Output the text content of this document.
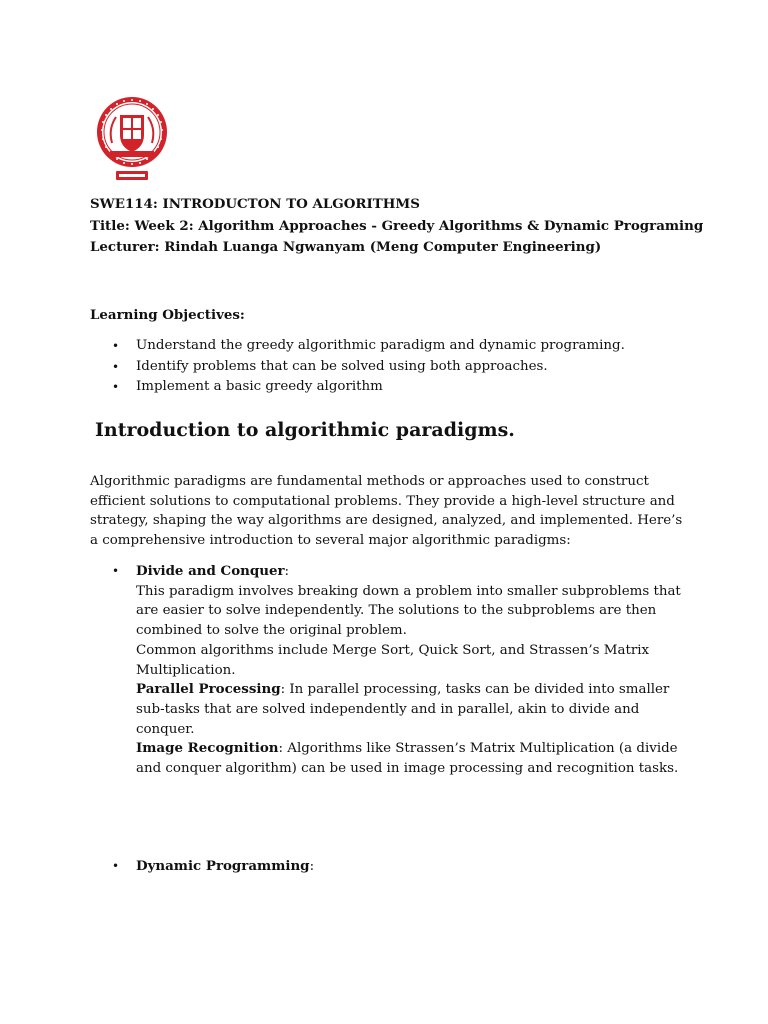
SWE114: INTRODUCTON TO ALGORITHMS
Title: Week 2: Algorithm Approaches - Greedy Algorithms & Dynamic Programing
Lecturer: Rindah Luanga Ngwanyam (Meng Computer Engineering)
Learning Objectives:
• Understand the greedy algorithmic paradigm and dynamic programing.
• Identify problems that can be solved using both approaches.
• Implement a basic greedy algorithm
Introduction to algorithmic paradigms.

Algorithmic paradigms are fundamental methods or approaches used to construct efficient solutions to computational problems. They provide a high-level structure and strategy, shaping the way algorithms are designed, analyzed, and implemented. Here’s a comprehensive introduction to several major algorithmic paradigms:

• Divide and Conquer:
This paradigm involves breaking down a problem into smaller subproblems that are easier to solve independently. The solutions to the subproblems are then combined to solve the original problem.
Common algorithms include Merge Sort, Quick Sort, and Strassen’s Matrix Multiplication.
Parallel Processing: In parallel processing, tasks can be divided into smaller sub-tasks that are solved independently and in parallel, akin to divide and conquer.
Image Recognition: Algorithms like Strassen’s Matrix Multiplication (a divide and conquer algorithm) can be used in image processing and recognition tasks.
• Dynamic Programming:
